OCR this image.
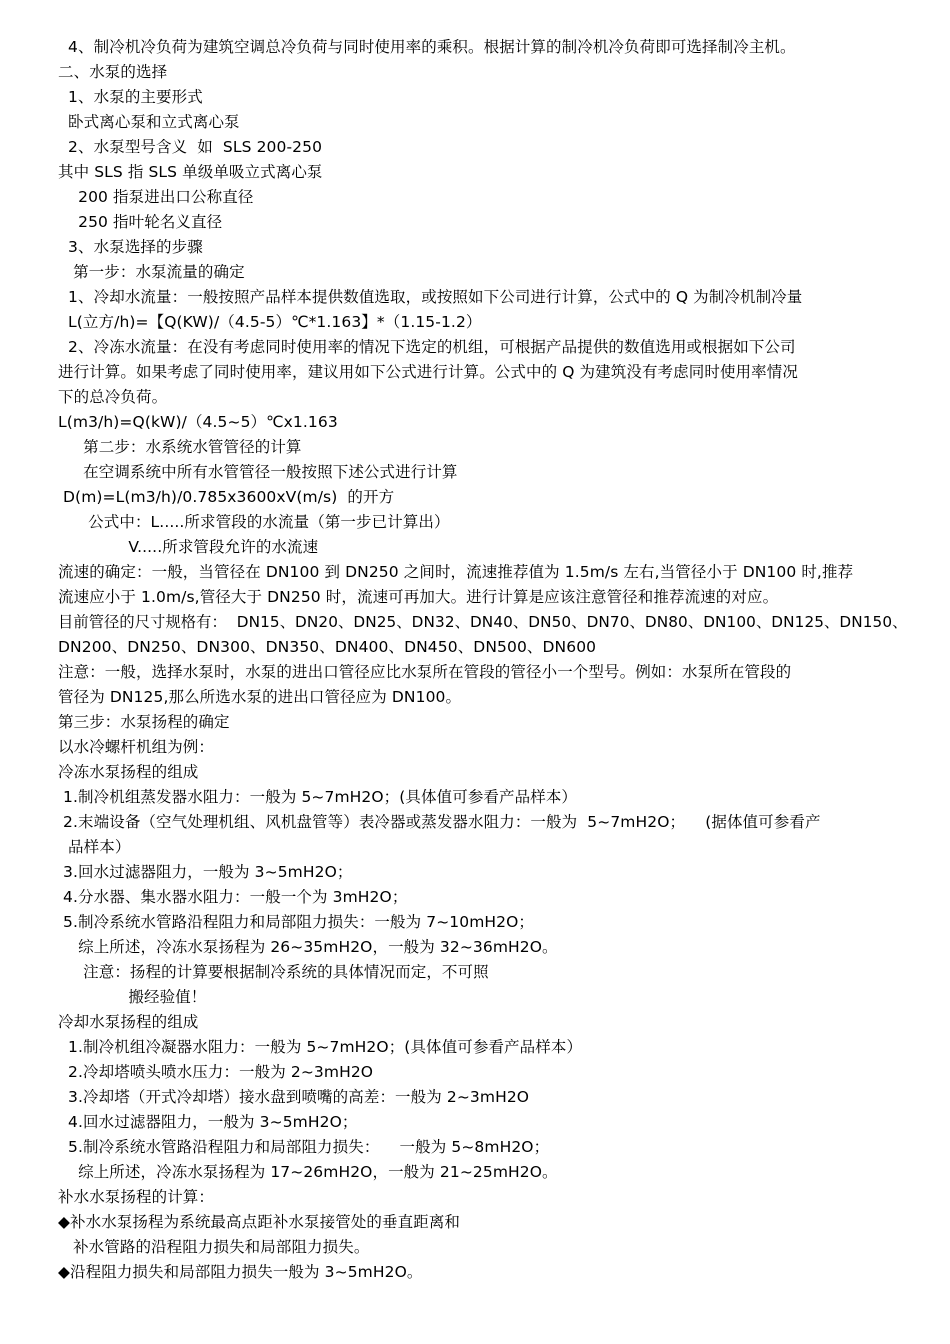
4、制冷机冷负荷为建筑空调总冷负荷与同时使用率的乘积。根据计算的制冷机冷负荷即可选择制冷主机。
二、水泵的选择
1、水泵的主要形式
卧式离心泵和立式离心泵
2、水泵型号含义  如  SLS 200-250
其中 SLS 指 SLS 单级单吸立式离心泵
200 指泵进出口公称直径
250 指叶轮名义直径
3、水泵选择的步骤
第一步：水泵流量的确定
1、冷却水流量：一般按照产品样本提供数值选取，或按照如下公司进行计算，公式中的 Q 为制冷机制冷量
L(立方/h)=【Q(KW)/（4.5-5）℃*1.163】*（1.15-1.2）
2、冷冻水流量：在没有考虑同时使用率的情况下选定的机组，可根据产品提供的数值选用或根据如下公司
进行计算。如果考虑了同时使用率，建议用如下公式进行计算。公式中的 Q 为建筑没有考虑同时使用率情况
下的总冷负荷。
L(m3/h)=Q(kW)/（4.5~5）℃x1.163
第二步：水系统水管管径的计算
在空调系统中所有水管管径一般按照下述公式进行计算
D(m)=L(m3/h)/0.785x3600xV(m/s)  的开方
公式中：L.....所求管段的水流量（第一步已计算出）
V.....所求管段允许的水流速
流速的确定：一般，当管径在 DN100 到 DN250 之间时，流速推荐值为 1.5m/s 左右,当管径小于 DN100 时,推荐
流速应小于 1.0m/s,管径大于 DN250 时，流速可再加大。进行计算是应该注意管径和推荐流速的对应。
目前管径的尺寸规格有：  DN15、DN20、DN25、DN32、DN40、DN50、DN70、DN80、DN100、DN125、DN150、
DN200、DN250、DN300、DN350、DN400、DN450、DN500、DN600
注意：一般，选择水泵时，水泵的进出口管径应比水泵所在管段的管径小一个型号。例如：水泵所在管段的
管径为 DN125,那么所选水泵的进出口管径应为 DN100。
第三步：水泵扬程的确定
以水冷螺杆机组为例：
冷冻水泵扬程的组成
1.制冷机组蒸发器水阻力：一般为 5~7mH2O；(具体值可参看产品样本）
2.末端设备（空气处理机组、风机盘管等）表冷器或蒸发器水阻力：一般为  5~7mH2O；    (据体值可参看产
品样本）
3.回水过滤器阻力，一般为 3~5mH2O；
4.分水器、集水器水阻力：一般一个为 3mH2O；
5.制冷系统水管路沿程阻力和局部阻力损失：一般为 7~10mH2O；
综上所述，冷冻水泵扬程为 26~35mH2O，一般为 32~36mH2O。
注意：扬程的计算要根据制冷系统的具体情况而定，不可照
搬经验值！
冷却水泵扬程的组成
1.制冷机组冷凝器水阻力：一般为 5~7mH2O；(具体值可参看产品样本）
2.冷却塔喷头喷水压力：一般为 2~3mH2O
3.冷却塔（开式冷却塔）接水盘到喷嘴的高差：一般为 2~3mH2O
4.回水过滤器阻力，一般为 3~5mH2O；
5.制冷系统水管路沿程阻力和局部阻力损失：    一般为 5~8mH2O；
综上所述，冷冻水泵扬程为 17~26mH2O，一般为 21~25mH2O。
补水水泵扬程的计算：
◆补水水泵扬程为系统最高点距补水泵接管处的垂直距离和
补水管路的沿程阻力损失和局部阻力损失。
◆沿程阻力损失和局部阻力损失一般为 3~5mH2O。
